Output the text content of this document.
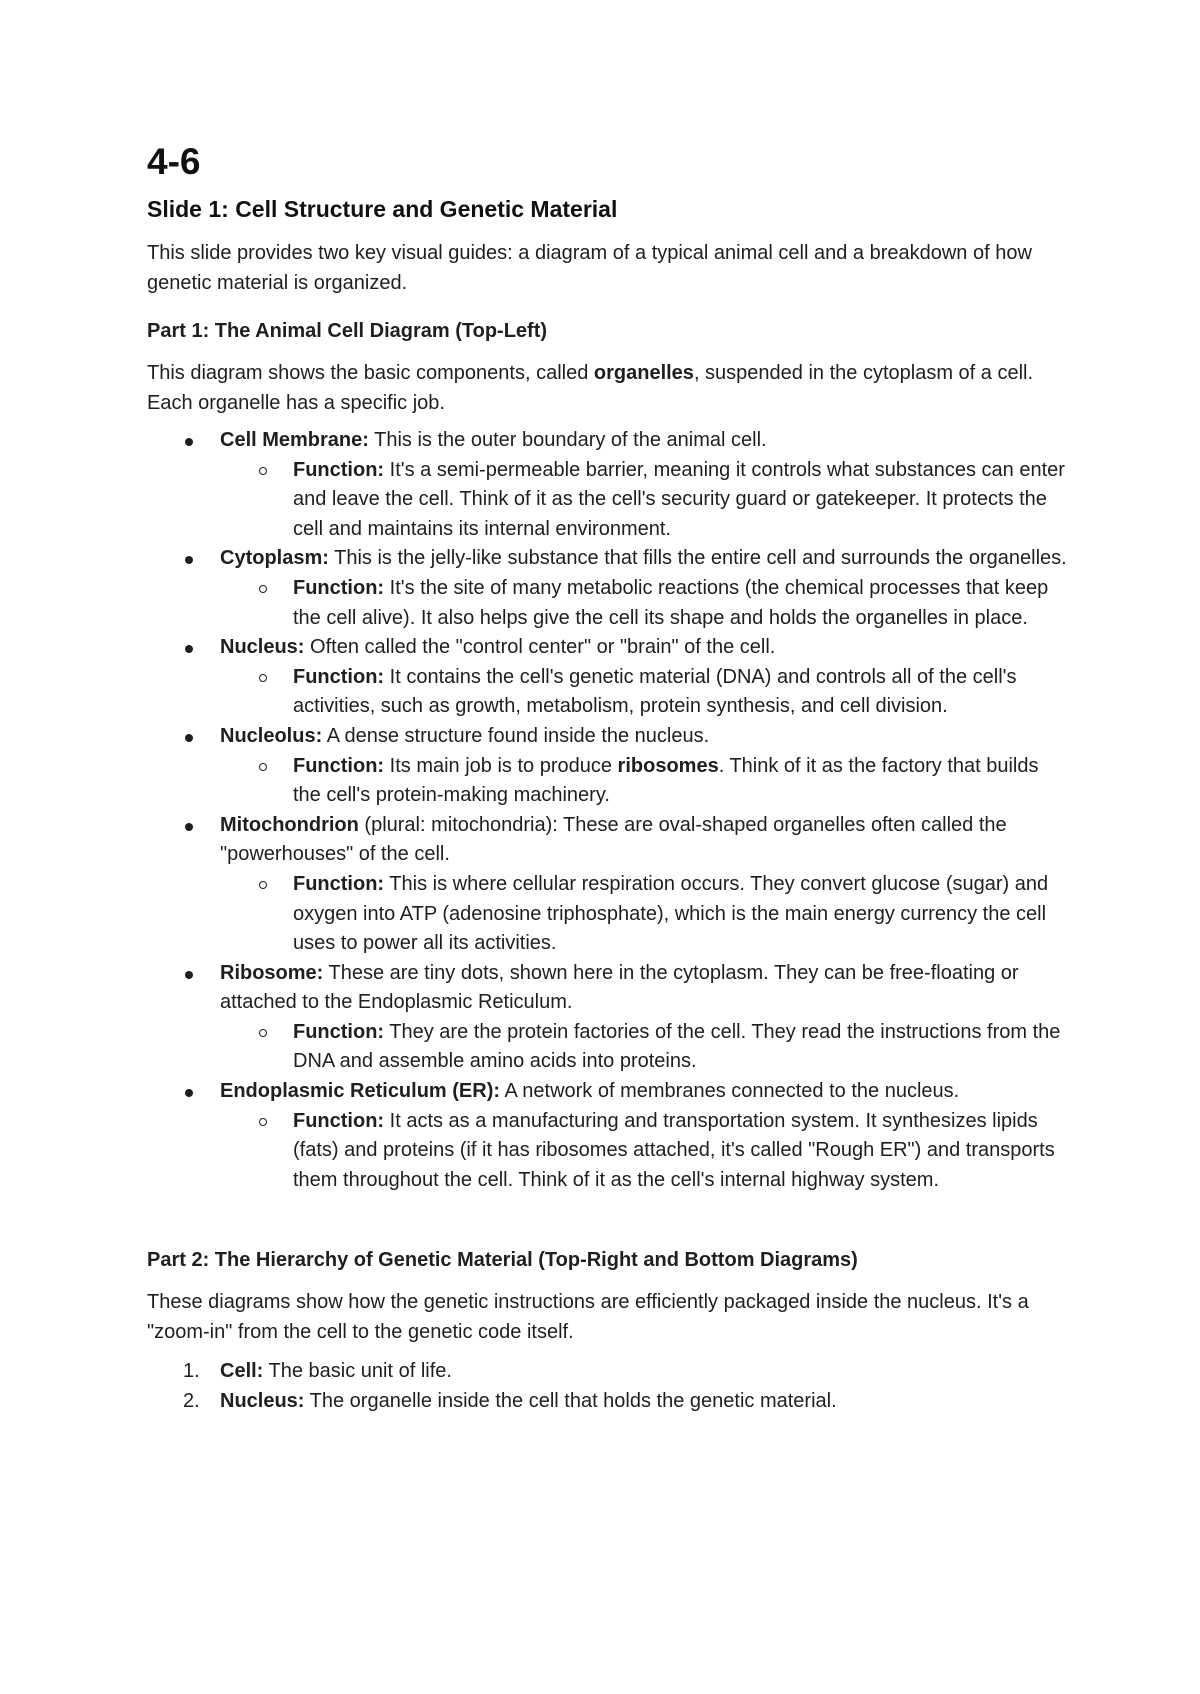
4-6
Slide 1: Cell Structure and Genetic Material

This slide provides two key visual guides: a diagram of a typical animal cell and a breakdown of how genetic material is organized.

Part 1: The Animal Cell Diagram (Top-Left)

This diagram shows the basic components, called organelles, suspended in the cytoplasm of a cell. Each organelle has a specific job.

Cell Membrane: This is the outer boundary of the animal cell.
Function: It's a semi-permeable barrier, meaning it controls what substances can enter and leave the cell. Think of it as the cell's security guard or gatekeeper. It protects the cell and maintains its internal environment.
Cytoplasm: This is the jelly-like substance that fills the entire cell and surrounds the organelles.
Function: It's the site of many metabolic reactions (the chemical processes that keep the cell alive). It also helps give the cell its shape and holds the organelles in place.
Nucleus: Often called the "control center" or "brain" of the cell.
Function: It contains the cell's genetic material (DNA) and controls all of the cell's activities, such as growth, metabolism, protein synthesis, and cell division.
Nucleolus: A dense structure found inside the nucleus.
Function: Its main job is to produce ribosomes. Think of it as the factory that builds the cell's protein-making machinery.
Mitochondrion (plural: mitochondria): These are oval-shaped organelles often called the "powerhouses" of the cell.
Function: This is where cellular respiration occurs. They convert glucose (sugar) and oxygen into ATP (adenosine triphosphate), which is the main energy currency the cell uses to power all its activities.
Ribosome: These are tiny dots, shown here in the cytoplasm. They can be free-floating or attached to the Endoplasmic Reticulum.
Function: They are the protein factories of the cell. They read the instructions from the DNA and assemble amino acids into proteins.
Endoplasmic Reticulum (ER): A network of membranes connected to the nucleus.
Function: It acts as a manufacturing and transportation system. It synthesizes lipids (fats) and proteins (if it has ribosomes attached, it's called "Rough ER") and transports them throughout the cell. Think of it as the cell's internal highway system.

Part 2: The Hierarchy of Genetic Material (Top-Right and Bottom Diagrams)

These diagrams show how the genetic instructions are efficiently packaged inside the nucleus. It's a "zoom-in" from the cell to the genetic code itself.

1. Cell: The basic unit of life.
2. Nucleus: The organelle inside the cell that holds the genetic material.
